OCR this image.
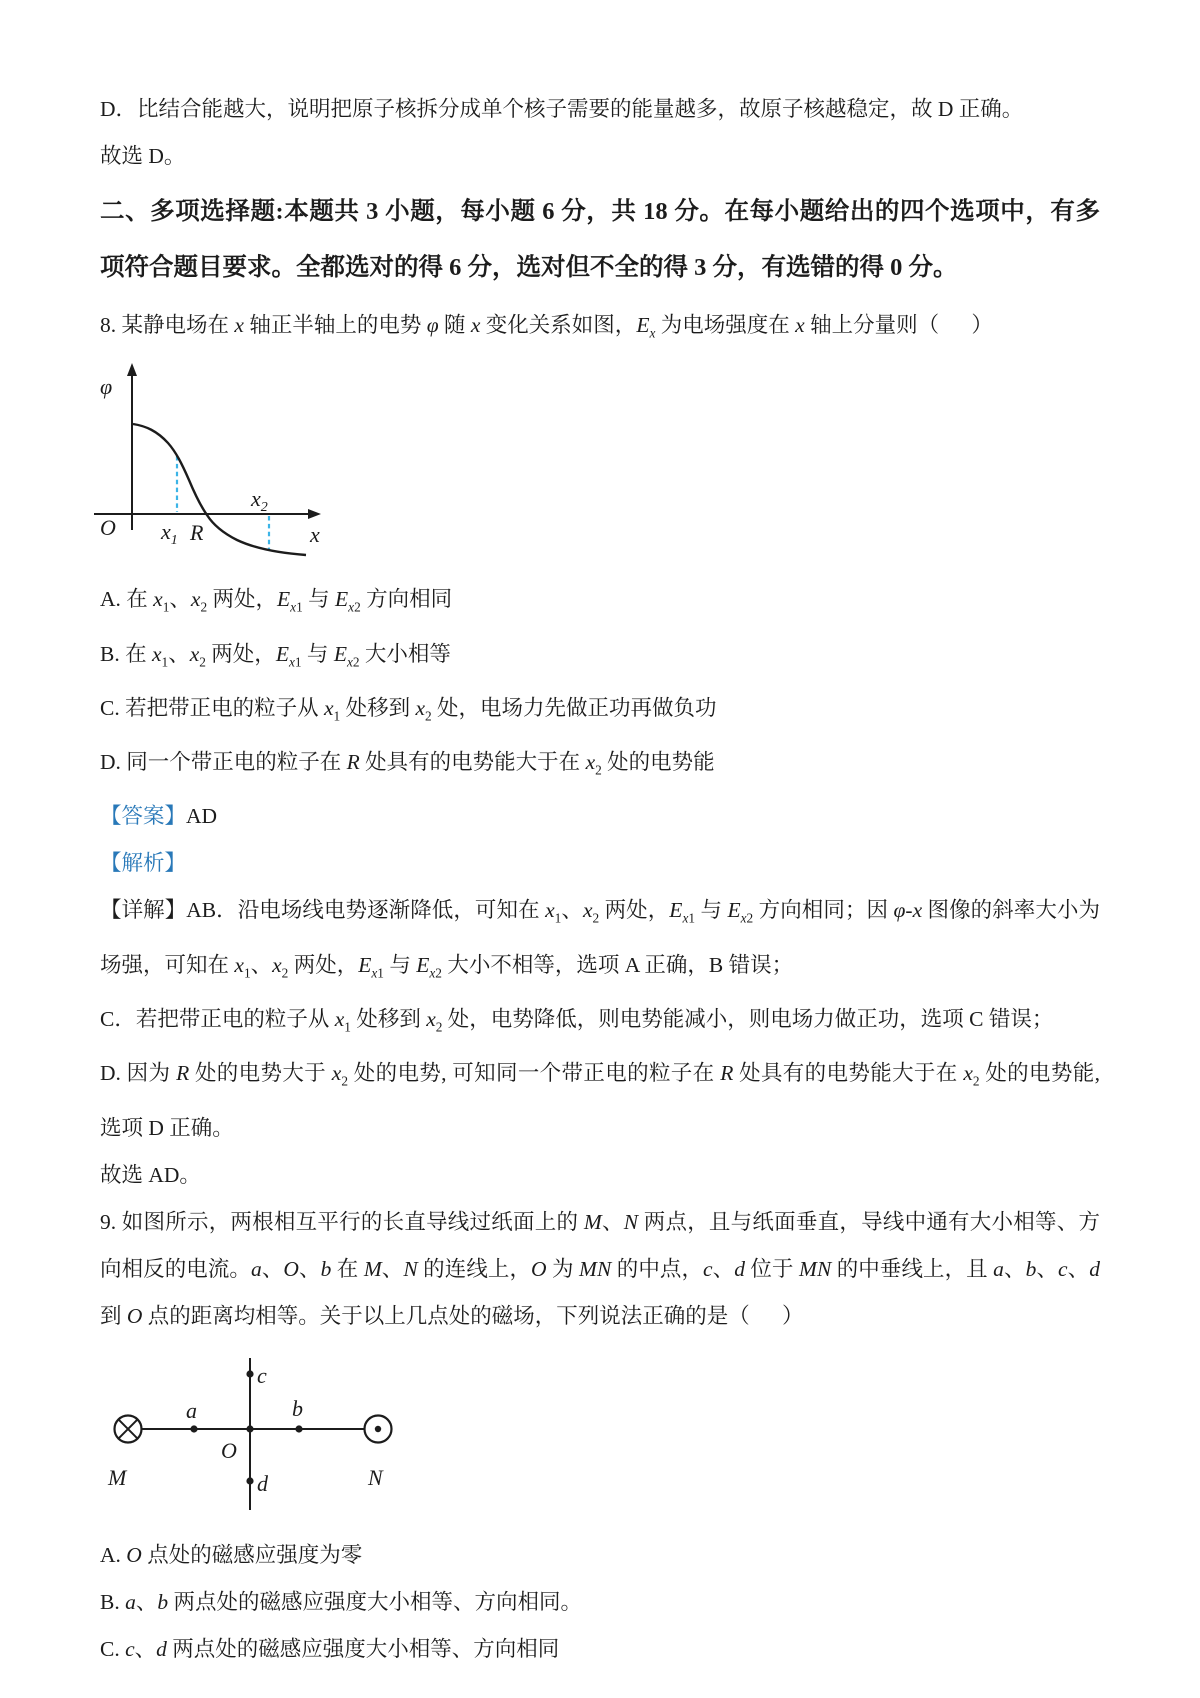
D．比结合能越大，说明把原子核拆分成单个核子需要的能量越多，故原子核越稳定，故 D 正确。

故选 D。

二、多项选择题:本题共 3 小题，每小题 6 分，共 18 分。在每小题给出的四个选项中，有多项符合题目要求。全都选对的得 6 分，选对但不全的得 3 分，有选错的得 0 分。

8. 某静电场在 x 轴正半轴上的电势 φ 随 x 变化关系如图，$E_x$ 为电场强度在 x 轴上分量则（      ）

φ
O $x_1$ R
$x_2$
x

A. 在 $x_1$、$x_2$ 两处，$E_{x1}$ 与 $E_{x2}$ 方向相同

B. 在 $x_1$、$x_2$ 两处，$E_{x1}$ 与 $E_{x2}$ 大小相等

C. 若把带正电的粒子从 $x_1$ 处移到 $x_2$ 处，电场力先做正功再做负功

D. 同一个带正电的粒子在 R 处具有的电势能大于在 $x_2$ 处的电势能

【答案】AD

【解析】

【详解】AB．沿电场线电势逐渐降低，可知在 $x_1$、$x_2$ 两处，$E_{x1}$ 与 $E_{x2}$ 方向相同；因 φ-x 图像的斜率大小为场强，可知在 $x_1$、$x_2$ 两处，$E_{x1}$ 与 $E_{x2}$ 大小不相等，选项 A 正确，B 错误；

C．若把带正电的粒子从 $x_1$ 处移到 $x_2$ 处，电势降低，则电势能减小，则电场力做正功，选项 C 错误；

D. 因为 R 处的电势大于 $x_2$ 处的电势, 可知同一个带正电的粒子在 R 处具有的电势能大于在 $x_2$ 处的电势能, 选项 D 正确。

故选 AD。

9. 如图所示，两根相互平行的长直导线过纸面上的 M、N 两点，且与纸面垂直，导线中通有大小相等、方向相反的电流。a、O、b 在 M、N 的连线上，O 为 MN 的中点，c、d 位于 MN 的中垂线上，且 a、b、c、d 到 O 点的距离均相等。关于以上几点处的磁场，下列说法正确的是（      ）

a	b
c
d
O
M	N

A. O 点处的磁感应强度为零

B. a、b 两点处的磁感应强度大小相等、方向相同。

C. c、d 两点处的磁感应强度大小相等、方向相同
